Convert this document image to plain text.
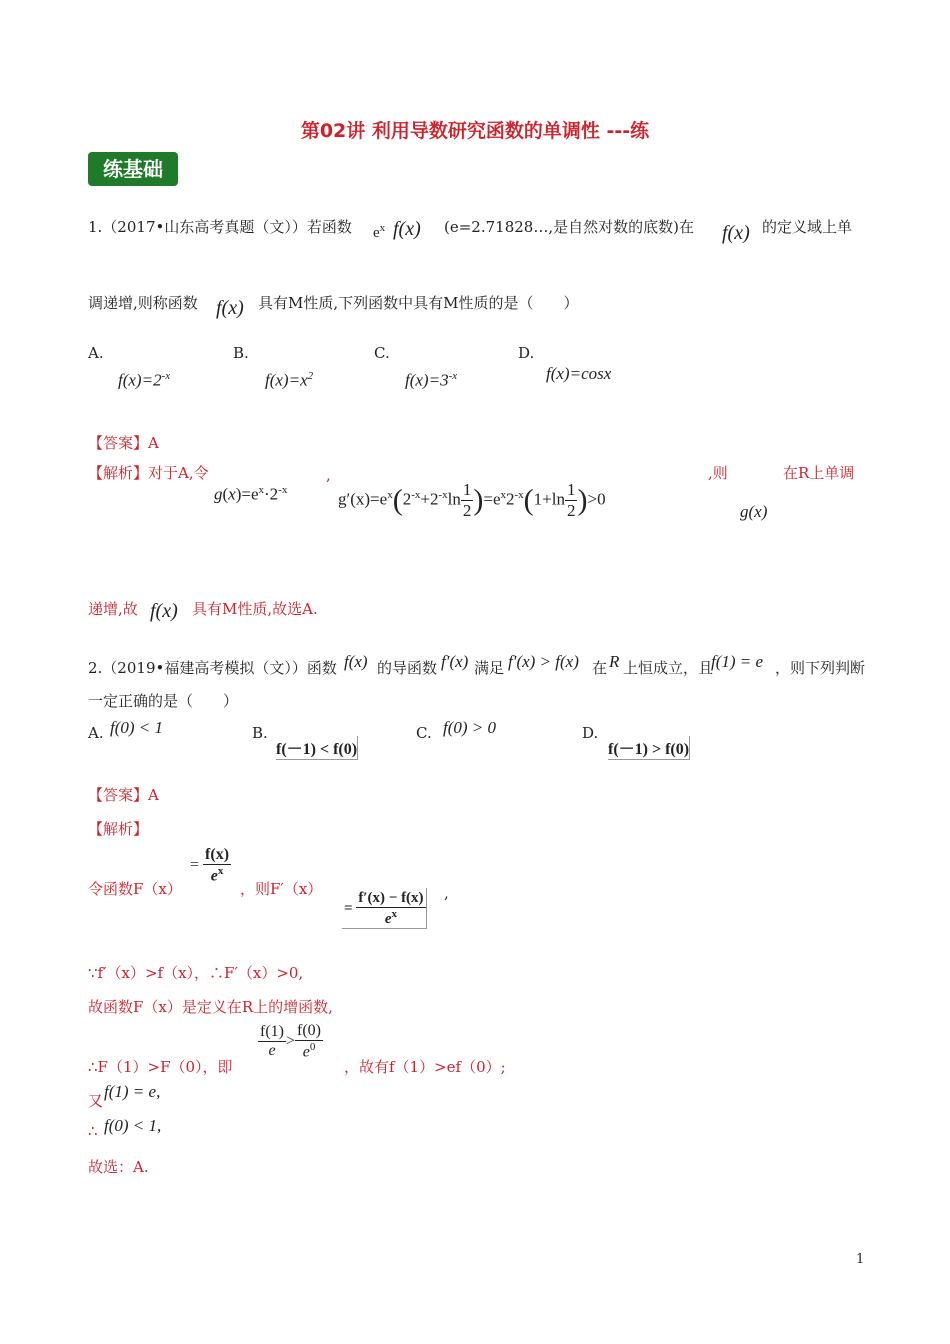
第02讲 利用导数研究函数的单调性 ---练
练基础
1.（2017•山东高考真题（文））若函数 $e^x$ f(x) (e=2.71828…,是自然对数的底数)在 f(x) 的定义域上单
调递增,则称函数 f(x) 具有M性质,下列函数中具有M性质的是（　　）
A.
$f(x)=2^{-x}$
B.
$f(x)=x^2$
C.
$f(x)=3^{-x}$
D.
f(x)=cosx
【答案】A
【解析】对于A,令	,	,则	在R上单调
$g(x)=e^x\cdot 2^{-x}$	$g'(x)=e^x(2^{-x}+2^{-x}\ln \frac{1}{2} )=e^x2^{-x}(1+\ln \frac{1}{2} )>0$
g(x)
递增,故 f(x) 具有M性质,故选A.
2.（2019•福建高考模拟（文））函数 f(x) 的导函数 f′(x) 满足 f′(x) > f(x) 在 R 上恒成立，且
f(1) = e ，则下列判断
一定正确的是（　　）
A. f(0) < 1	B.
f(－1) < f(0)
C. f(0) > 0	D.
f(－1) > f(0)
【答案】A
【解析】
令函数F（x）
= $\frac{f(x)}{e^x}$
，则F′（x）
= $\frac{f'(x) - f(x)}{e^x}$ ,
∵f′（x）>f（x），∴F′（x）>0,
故函数F（x）是定义在R上的增函数,
∴F（1）>F（0），即
$\frac{f(1)}{e} > \frac{f(0)}{e^0}$
，故有f（1）>ef（0）;
又 f(1) = e,
∴ f(0) < 1,
故选：A.
1
